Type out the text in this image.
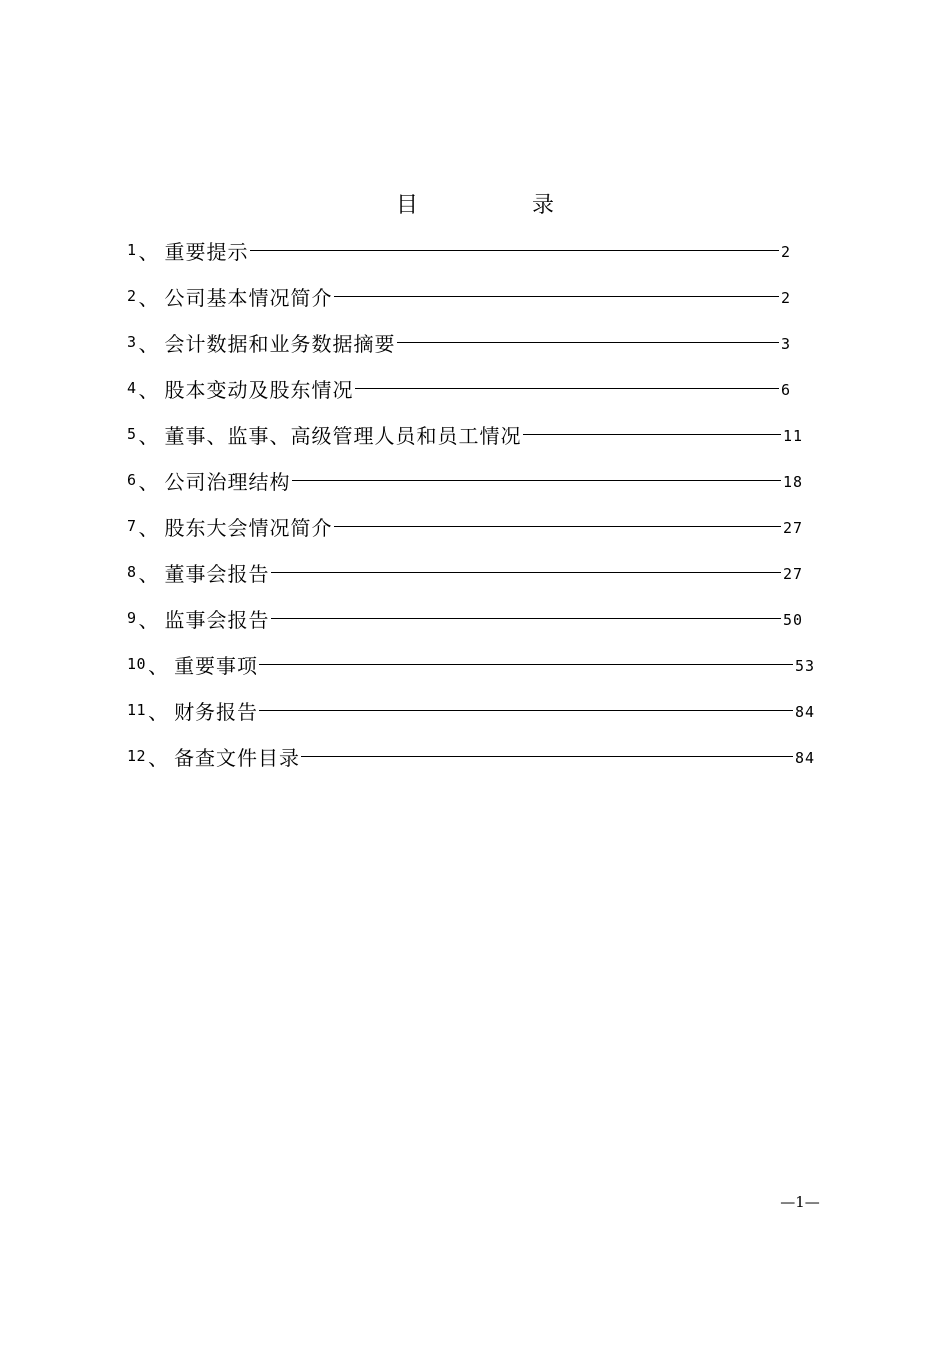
目	录
1 、 重要提示	2
2 、 公司基本情况简介	2
3 、 会计数据和业务数据摘要	3
4 、 股本变动及股东情况	6
5 、 董事、监事、高级管理人员和员工情况	11
6 、 公司治理结构	18
7 、 股东大会情况简介	27
8 、 董事会报告	27
9 、 监事会报告	50
10 、 重要事项	53
11 、 财务报告	84
12 、 备查文件目录	84
—1—
